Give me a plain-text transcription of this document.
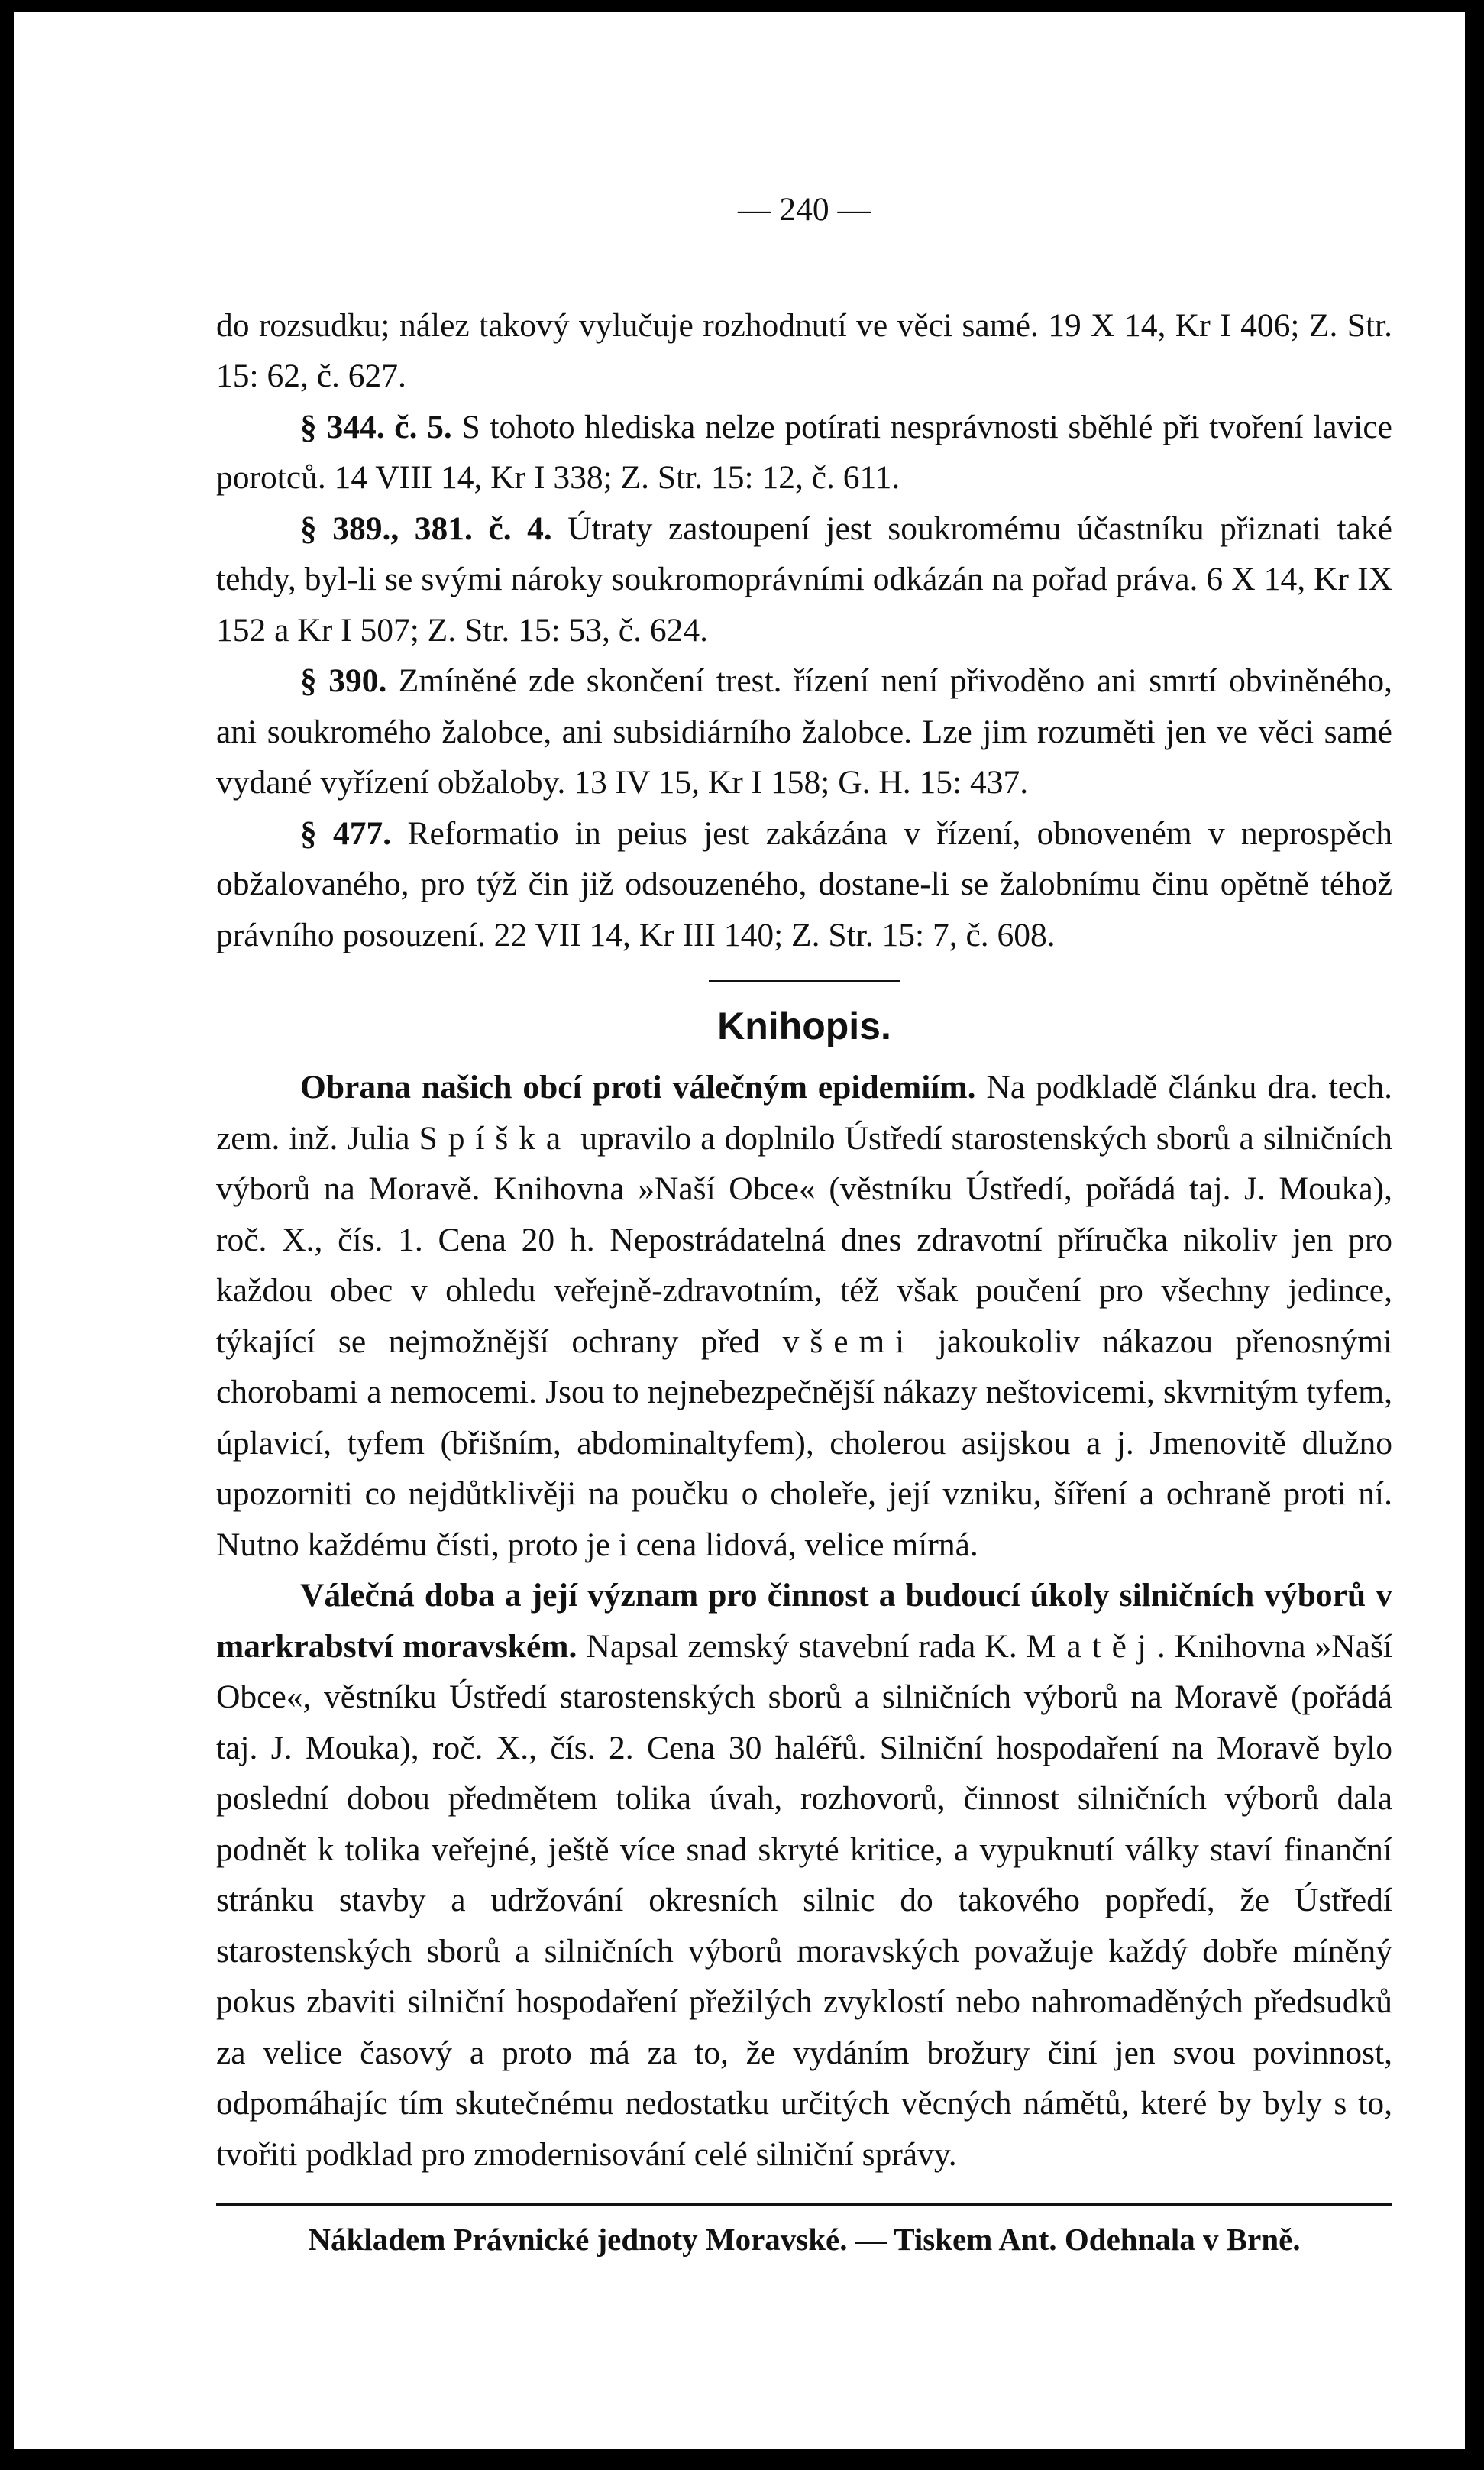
— 240 —

do rozsudku; nález takový vylučuje rozhodnutí ve věci samé. 19 X 14, Kr I 406; Z. Str. 15: 62, č. 627.

§ 344. č. 5. S tohoto hlediska nelze potírati nesprávnosti sběhlé při tvoření lavice porotců. 14 VIII 14, Kr I 338; Z. Str. 15: 12, č. 611.

§ 389., 381. č. 4. Útraty zastoupení jest soukromému účastníku přiznati také tehdy, byl-li se svými nároky soukromoprávními odkázán na pořad práva. 6 X 14, Kr IX 152 a Kr I 507; Z. Str. 15: 53, č. 624.

§ 390. Zmíněné zde skončení trest. řízení není přivoděno ani smrtí obviněného, ani soukromého žalobce, ani subsidiárního žalobce. Lze jim rozuměti jen ve věci samé vydané vyřízení obžaloby. 13 IV 15, Kr I 158; G. H. 15: 437.

§ 477. Reformatio in peius jest zakázána v řízení, obnoveném v neprospěch obžalovaného, pro týž čin již odsouzeného, dostane-li se žalobnímu činu opětně téhož právního posouzení. 22 VII 14, Kr III 140; Z. Str. 15: 7, č. 608.

Knihopis.

Obrana našich obcí proti válečným epidemiím. Na podkladě článku dra. tech. zem. inž. Julia Spíška upravilo a doplnilo Ústředí starostenských sborů a silničních výborů na Moravě. Knihovna »Naší Obce« (věstníku Ústředí, pořádá taj. J. Mouka), roč. X., čís. 1. Cena 20 h. Nepostrádatelná dnes zdravotní příručka nikoliv jen pro každou obec v ohledu veřejně-zdravotním, též však poučení pro všechny jedince, týkající se nejmožnější ochrany před všemi jakoukoliv nákazou přenosnými chorobami a nemocemi. Jsou to nejnebezpečnější nákazy neštovicemi, skvrnitým tyfem, úplavicí, tyfem (břišním, abdominaltyfem), cholerou asijskou a j. Jmenovitě dlužno upozorniti co nejdůtklivěji na poučku o choleře, její vzniku, šíření a ochraně proti ní. Nutno každému čísti, proto je i cena lidová, velice mírná.

Válečná doba a její význam pro činnost a budoucí úkoly silničních výborů v markrabství moravském. Napsal zemský stavební rada K. Matěj. Knihovna »Naší Obce«, věstníku Ústředí starostenských sborů a silničních výborů na Moravě (pořádá taj. J. Mouka), roč. X., čís. 2. Cena 30 haléřů. Silniční hospodaření na Moravě bylo poslední dobou předmětem tolika úvah, rozhovorů, činnost silničních výborů dala podnět k tolika veřejné, ještě více snad skryté kritice, a vypuknutí války staví finanční stránku stavby a udržování okresních silnic do takového popředí, že Ústředí starostenských sborů a silničních výborů moravských považuje každý dobře míněný pokus zbaviti silniční hospodaření přežilých zvyklostí nebo nahromaděných předsudků za velice časový a proto má za to, že vydáním brožury činí jen svou povinnost, odpomáhajíc tím skutečnému nedostatku určitých věcných námětů, které by byly s to, tvořiti podklad pro zmodernisování celé silniční správy.

Nákladem Právnické jednoty Moravské. — Tiskem Ant. Odehnala v Brně.
